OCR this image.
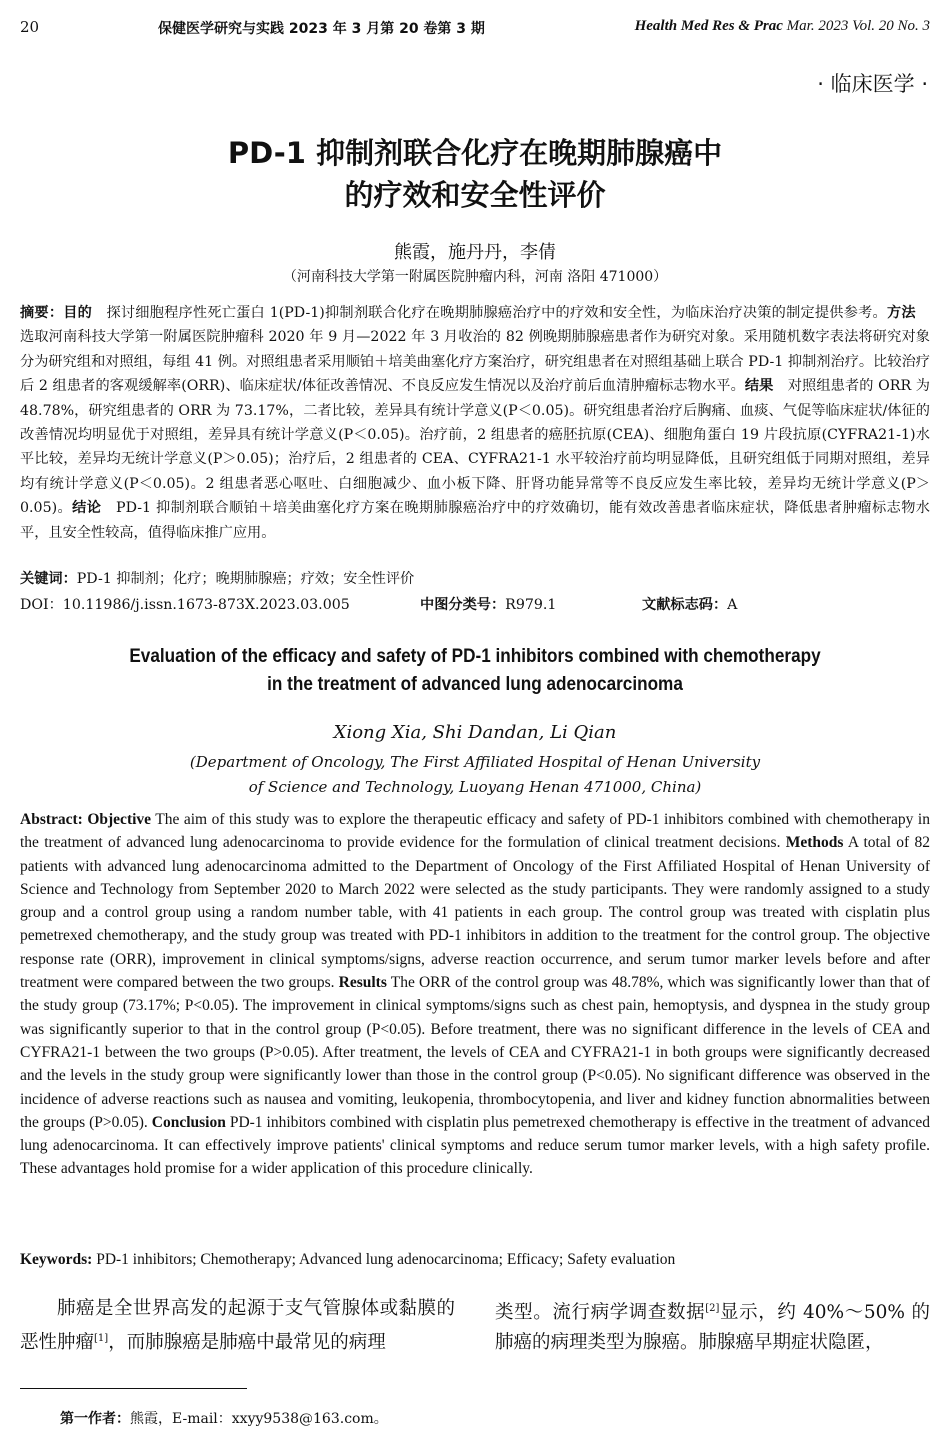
20	保健医学研究与实践 2023 年 3 月第 20 卷第 3 期	Health Med Res & Prac Mar. 2023 Vol. 20 No. 3
· 临床医学 ·
PD-1 抑制剂联合化疗在晚期肺腺癌中
的疗效和安全性评价
熊霞，施丹丹，李倩
（河南科技大学第一附属医院肿瘤内科，河南 洛阳 471000）
摘要：目的　探讨细胞程序性死亡蛋白 1(PD-1)抑制剂联合化疗在晚期肺腺癌治疗中的疗效和安全性，为临床治疗决策的制定提供参考。方法　选取河南科技大学第一附属医院肿瘤科 2020 年 9 月—2022 年 3 月收治的 82 例晚期肺腺癌患者作为研究对象。采用随机数字表法将研究对象分为研究组和对照组，每组 41 例。对照组患者采用顺铂＋培美曲塞化疗方案治疗，研究组患者在对照组基础上联合 PD-1 抑制剂治疗。比较治疗后 2 组患者的客观缓解率(ORR)、临床症状/体征改善情况、不良反应发生情况以及治疗前后血清肿瘤标志物水平。结果　对照组患者的 ORR 为 48.78%，研究组患者的 ORR 为 73.17%，二者比较，差异具有统计学意义(P＜0.05)。研究组患者治疗后胸痛、血痰、气促等临床症状/体征的改善情况均明显优于对照组，差异具有统计学意义(P＜0.05)。治疗前，2 组患者的癌胚抗原(CEA)、细胞角蛋白 19 片段抗原(CYFRA21-1)水平比较，差异均无统计学意义(P＞0.05)；治疗后，2 组患者的 CEA、CYFRA21-1 水平较治疗前均明显降低，且研究组低于同期对照组，差异均有统计学意义(P＜0.05)。2 组患者恶心呕吐、白细胞减少、血小板下降、肝肾功能异常等不良反应发生率比较，差异均无统计学意义(P＞0.05)。结论　PD-1 抑制剂联合顺铂＋培美曲塞化疗方案在晚期肺腺癌治疗中的疗效确切，能有效改善患者临床症状，降低患者肿瘤标志物水平，且安全性较高，值得临床推广应用。
关键词：PD-1 抑制剂；化疗；晚期肺腺癌；疗效；安全性评价
DOI：10.11986/j.issn.1673-873X.2023.03.005	中图分类号：R979.1	文献标志码：A
Evaluation of the efficacy and safety of PD-1 inhibitors combined with chemotherapy
in the treatment of advanced lung adenocarcinoma
Xiong Xia, Shi Dandan, Li Qian
(Department of Oncology, The First Affiliated Hospital of Henan University
of Science and Technology, Luoyang Henan 471000, China)
Abstract: Objective The aim of this study was to explore the therapeutic efficacy and safety of PD-1 inhibitors combined with chemotherapy in the treatment of advanced lung adenocarcinoma to provide evidence for the formulation of clinical treatment decisions. Methods A total of 82 patients with advanced lung adenocarcinoma admitted to the Department of Oncology of the First Affiliated Hospital of Henan University of Science and Technology from September 2020 to March 2022 were selected as the study participants. They were randomly assigned to a study group and a control group using a random number table, with 41 patients in each group. The control group was treated with cisplatin plus pemetrexed chemotherapy, and the study group was treated with PD-1 inhibitors in addition to the treatment for the control group. The objective response rate (ORR), improvement in clinical symptoms/signs, adverse reaction occurrence, and serum tumor marker levels before and after treatment were compared between the two groups. Results The ORR of the control group was 48.78%, which was significantly lower than that of the study group (73.17%; P<0.05). The improvement in clinical symptoms/signs such as chest pain, hemoptysis, and dyspnea in the study group was significantly superior to that in the control group (P<0.05). Before treatment, there was no significant difference in the levels of CEA and CYFRA21-1 between the two groups (P>0.05). After treatment, the levels of CEA and CYFRA21-1 in both groups were significantly decreased and the levels in the study group were significantly lower than those in the control group (P<0.05). No significant difference was observed in the incidence of adverse reactions such as nausea and vomiting, leukopenia, thrombocytopenia, and liver and kidney function abnormalities between the groups (P>0.05). Conclusion PD-1 inhibitors combined with cisplatin plus pemetrexed chemotherapy is effective in the treatment of advanced lung adenocarcinoma. It can effectively improve patients' clinical symptoms and reduce serum tumor marker levels, with a high safety profile. These advantages hold promise for a wider application of this procedure clinically.
Keywords: PD-1 inhibitors; Chemotherapy; Advanced lung adenocarcinoma; Efficacy; Safety evaluation
肺癌是全世界高发的起源于支气管腺体或黏膜的恶性肿瘤[1]，而肺腺癌是肺癌中最常见的病理
类型。流行病学调查数据[2]显示，约 40%～50% 的肺癌的病理类型为腺癌。肺腺癌早期症状隐匿，
第一作者：熊霞，E-mail：xxyy9538@163.com。
